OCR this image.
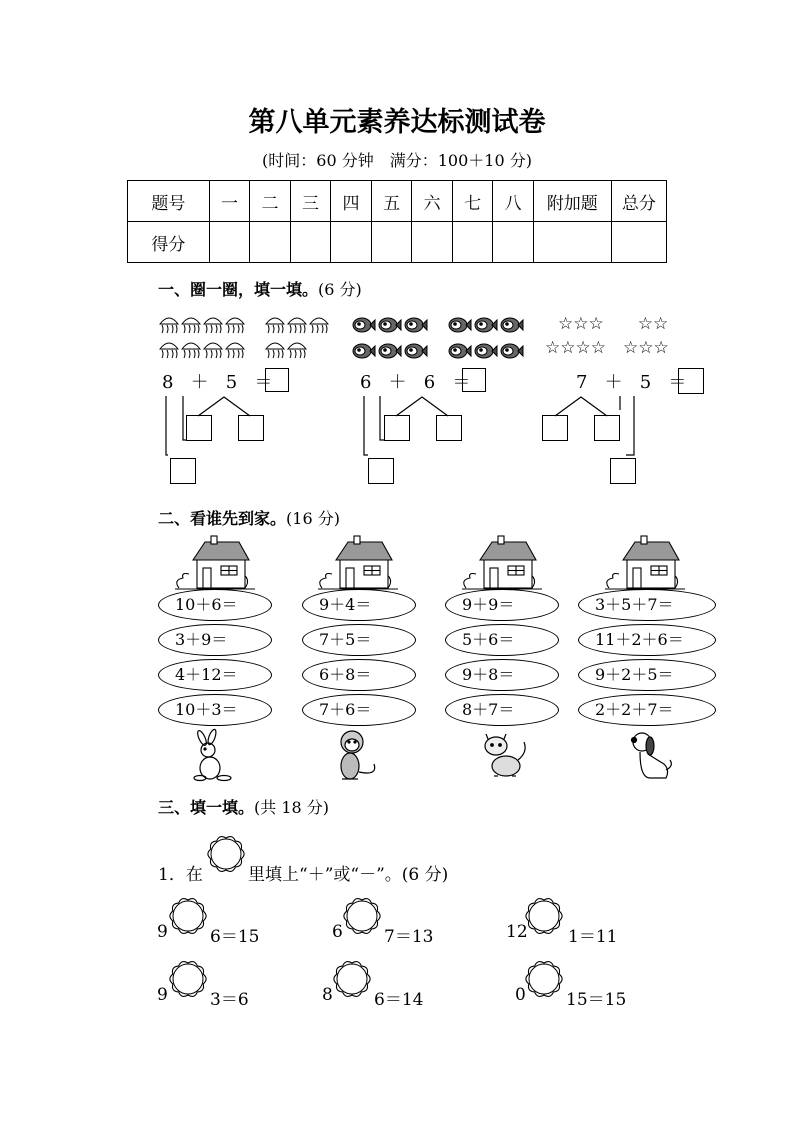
第八单元素养达标测试卷
(时间：60 分钟　满分：100＋10 分)
题号	一	二	三	四	五	六	七	八	附加题	总分
得分										
一、圈一圈，填一填。(6 分)
☆☆☆　　☆☆
☆☆☆☆　☆☆☆
8 ＋ 5 ＝	6 ＋ 6 ＝	7 ＋ 5 ＝
二、看谁先到家。(16 分)
10＋6＝
3＋9＝
4＋12＝
10＋3＝
9＋4＝
7＋5＝
6＋8＝
7＋6＝
9＋9＝
5＋6＝
9＋8＝
8＋7＝
3＋5＋7＝
11＋2＋6＝
9＋2＋5＝
2＋2＋7＝
三、填一填。(共 18 分)
1．在	里填上“＋”或“－”。(6 分)
9 6＝15	6 7＝13	12 1＝11
9 3＝6	8 6＝14	0 15＝15
